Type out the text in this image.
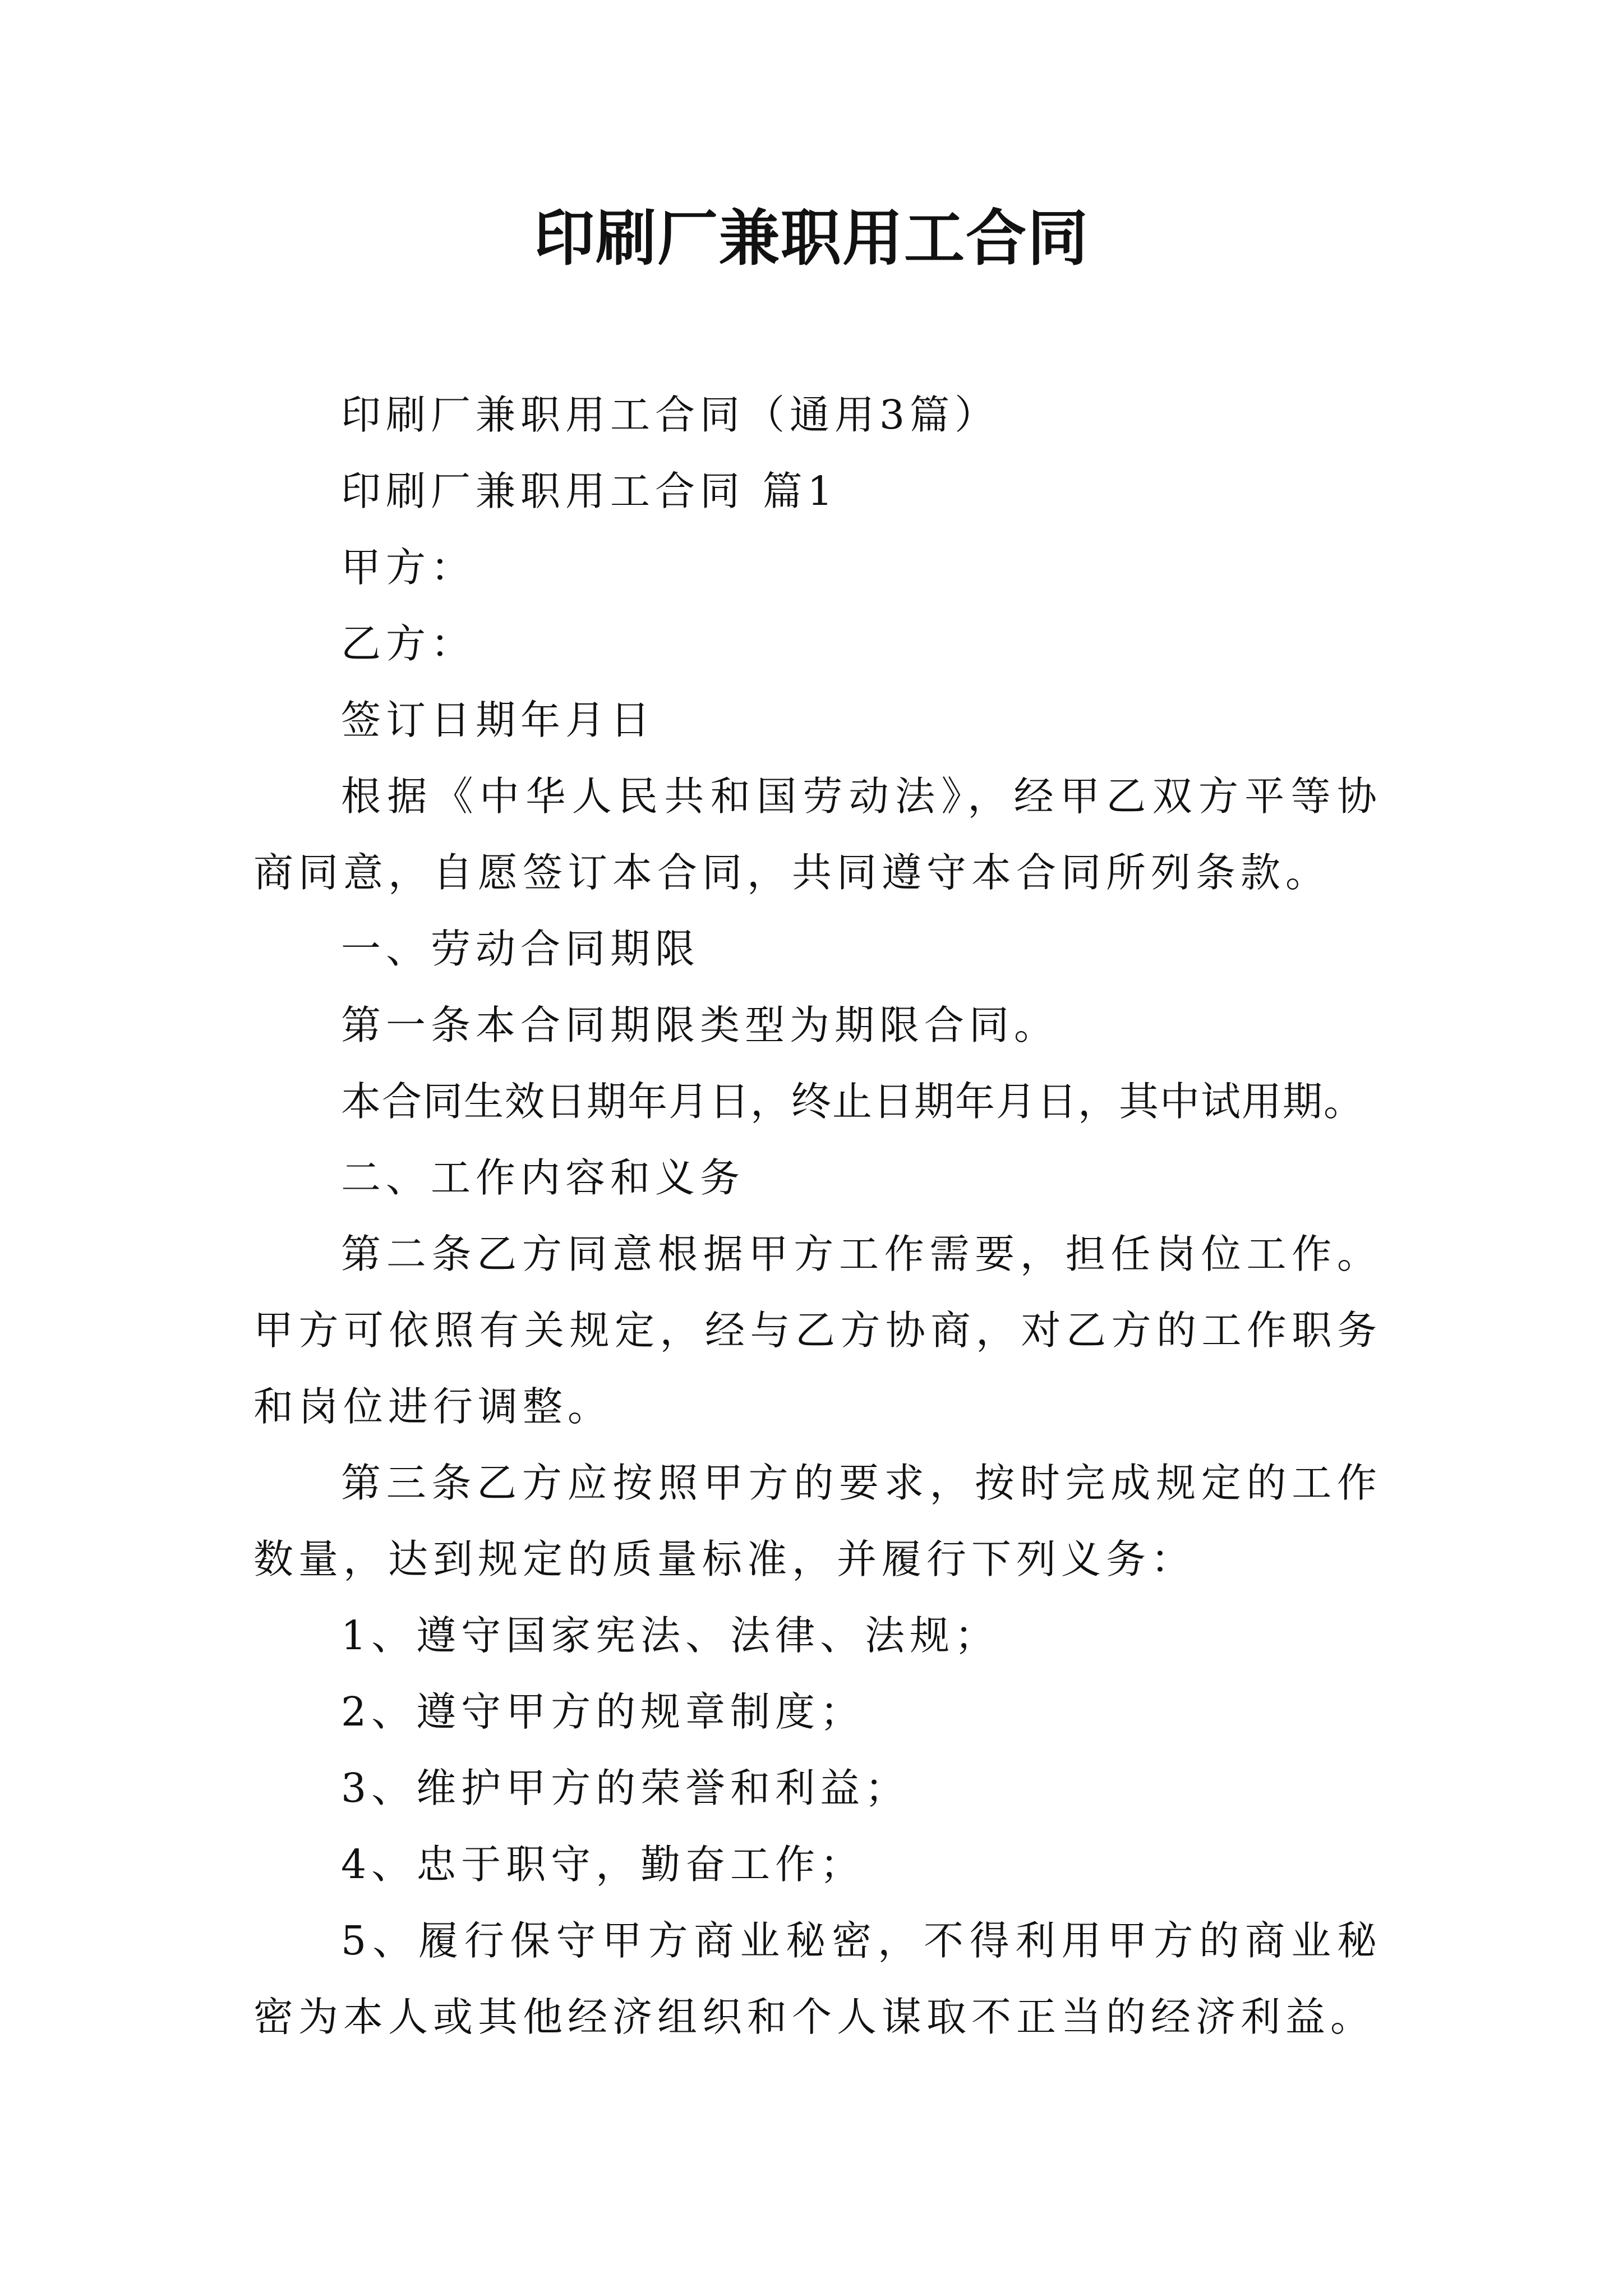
印刷厂兼职用工合同

印刷厂兼职用工合同（通用3篇）

印刷厂兼职用工合同 篇1

甲方：

乙方：

签订日期年月日

根据《中华人民共和国劳动法》，经甲乙双方平等协商同意，自愿签订本合同，共同遵守本合同所列条款。

一、劳动合同期限

第一条本合同期限类型为期限合同。

本合同生效日期年月日，终止日期年月日，其中试用期。

二、工作内容和义务

第二条乙方同意根据甲方工作需要，担任岗位工作。甲方可依照有关规定，经与乙方协商，对乙方的工作职务和岗位进行调整。

第三条乙方应按照甲方的要求，按时完成规定的工作数量，达到规定的质量标准，并履行下列义务：

1、遵守国家宪法、法律、法规；

2、遵守甲方的规章制度；

3、维护甲方的荣誉和利益；

4、忠于职守，勤奋工作；

5、履行保守甲方商业秘密，不得利用甲方的商业秘密为本人或其他经济组织和个人谋取不正当的经济利益。
